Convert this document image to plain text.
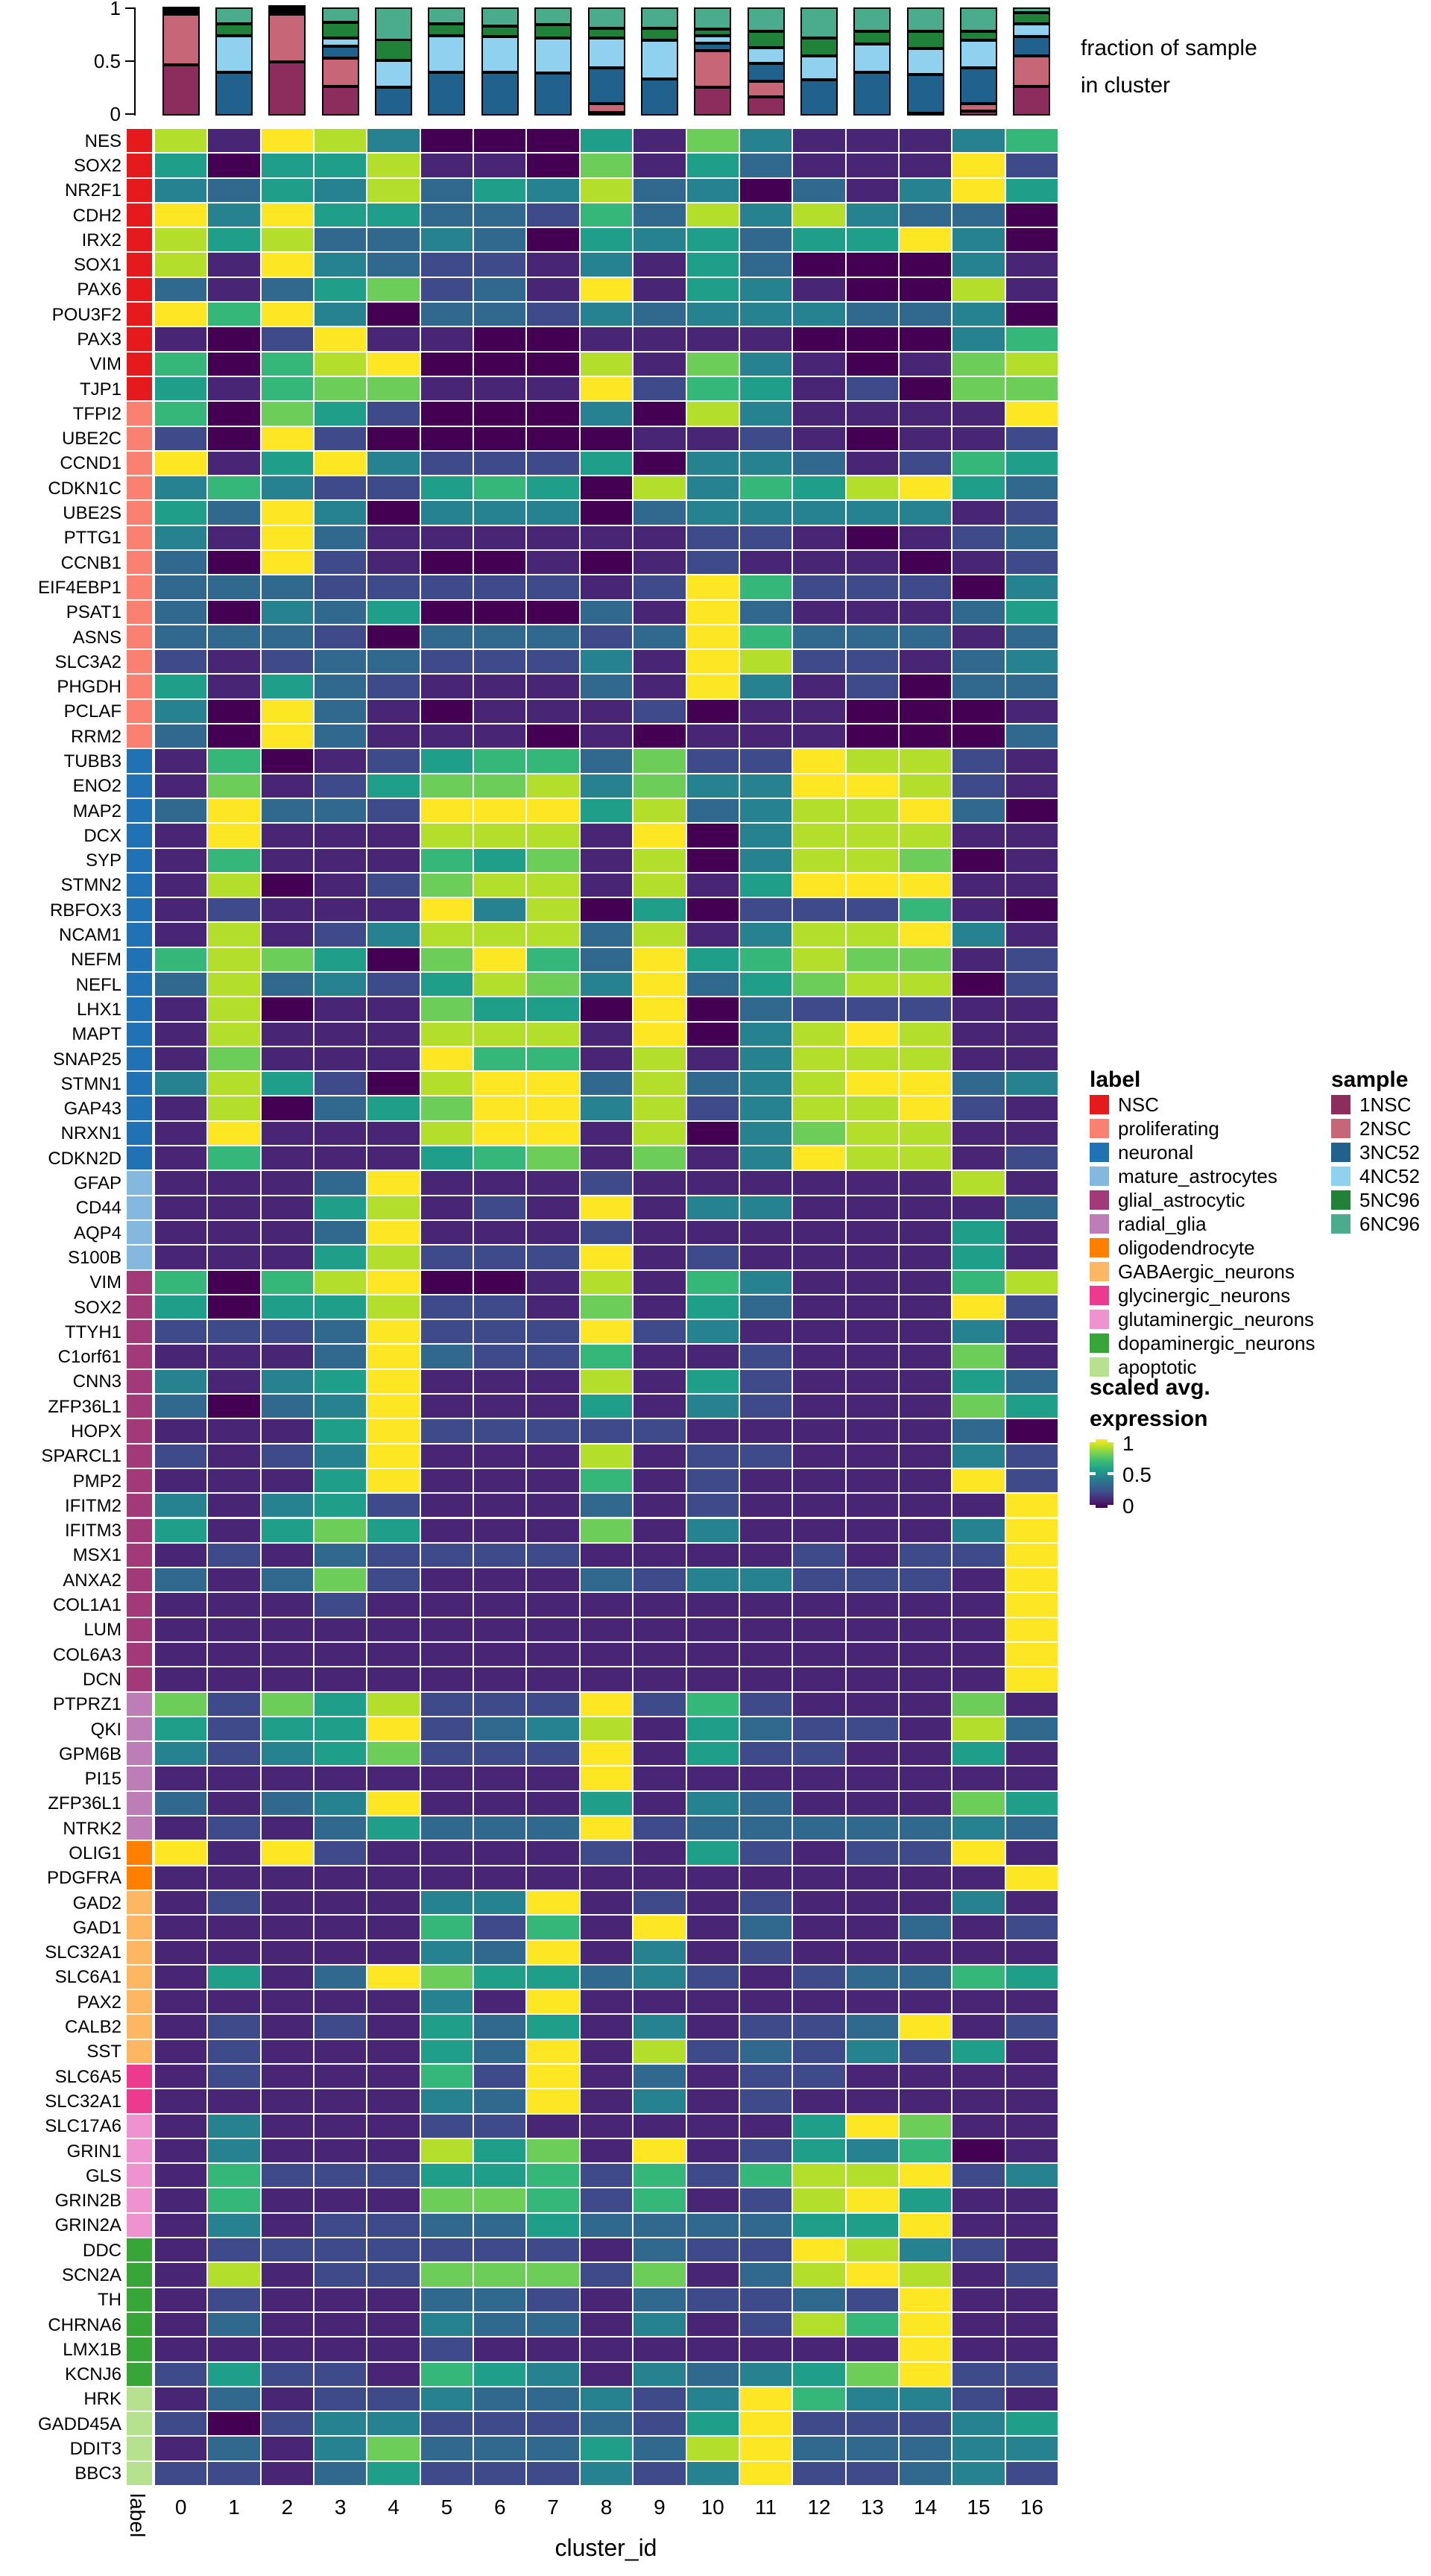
1
0.5
0
fraction of sample
in cluster
NES
SOX2
NR2F1
CDH2
IRX2
SOX1
PAX6
POU3F2
PAX3
VIM
TJP1
TFPI2
UBE2C
CCND1
CDKN1C
UBE2S
PTTG1
CCNB1
EIF4EBP1
PSAT1
ASNS
SLC3A2
PHGDH
PCLAF
RRM2
TUBB3
ENO2
MAP2
DCX
SYP
STMN2
RBFOX3
NCAM1
NEFM
NEFL
LHX1
MAPT
SNAP25
STMN1
GAP43
NRXN1
CDKN2D
GFAP
CD44
AQP4
S100B
VIM
SOX2
TTYH1
C1orf61
CNN3
ZFP36L1
HOPX
SPARCL1
PMP2
IFITM2
IFITM3
MSX1
ANXA2
COL1A1
LUM
COL6A3
DCN
PTPRZ1
QKI
GPM6B
PI15
ZFP36L1
NTRK2
OLIG1
PDGFRA
GAD2
GAD1
SLC32A1
SLC6A1
PAX2
CALB2
SST
SLC6A5
SLC32A1
SLC17A6
GRIN1
GLS
GRIN2B
GRIN2A
DDC
SCN2A
TH
CHRNA6
LMX1B
KCNJ6
HRK
GADD45A
DDIT3
BBC3
0	1	2	3	4	5	6	7	8	9	10	11	12	13	14	15	16
label
cluster_id
label
NSC
proliferating
neuronal
mature_astrocytes
glial_astrocytic
radial_glia
oligodendrocyte
GABAergic_neurons
glycinergic_neurons
glutaminergic_neurons
dopaminergic_neurons
apoptotic
sample
1NSC
2NSC
3NC52
4NC52
5NC96
6NC96
scaled avg.
expression
1
0.5
0
